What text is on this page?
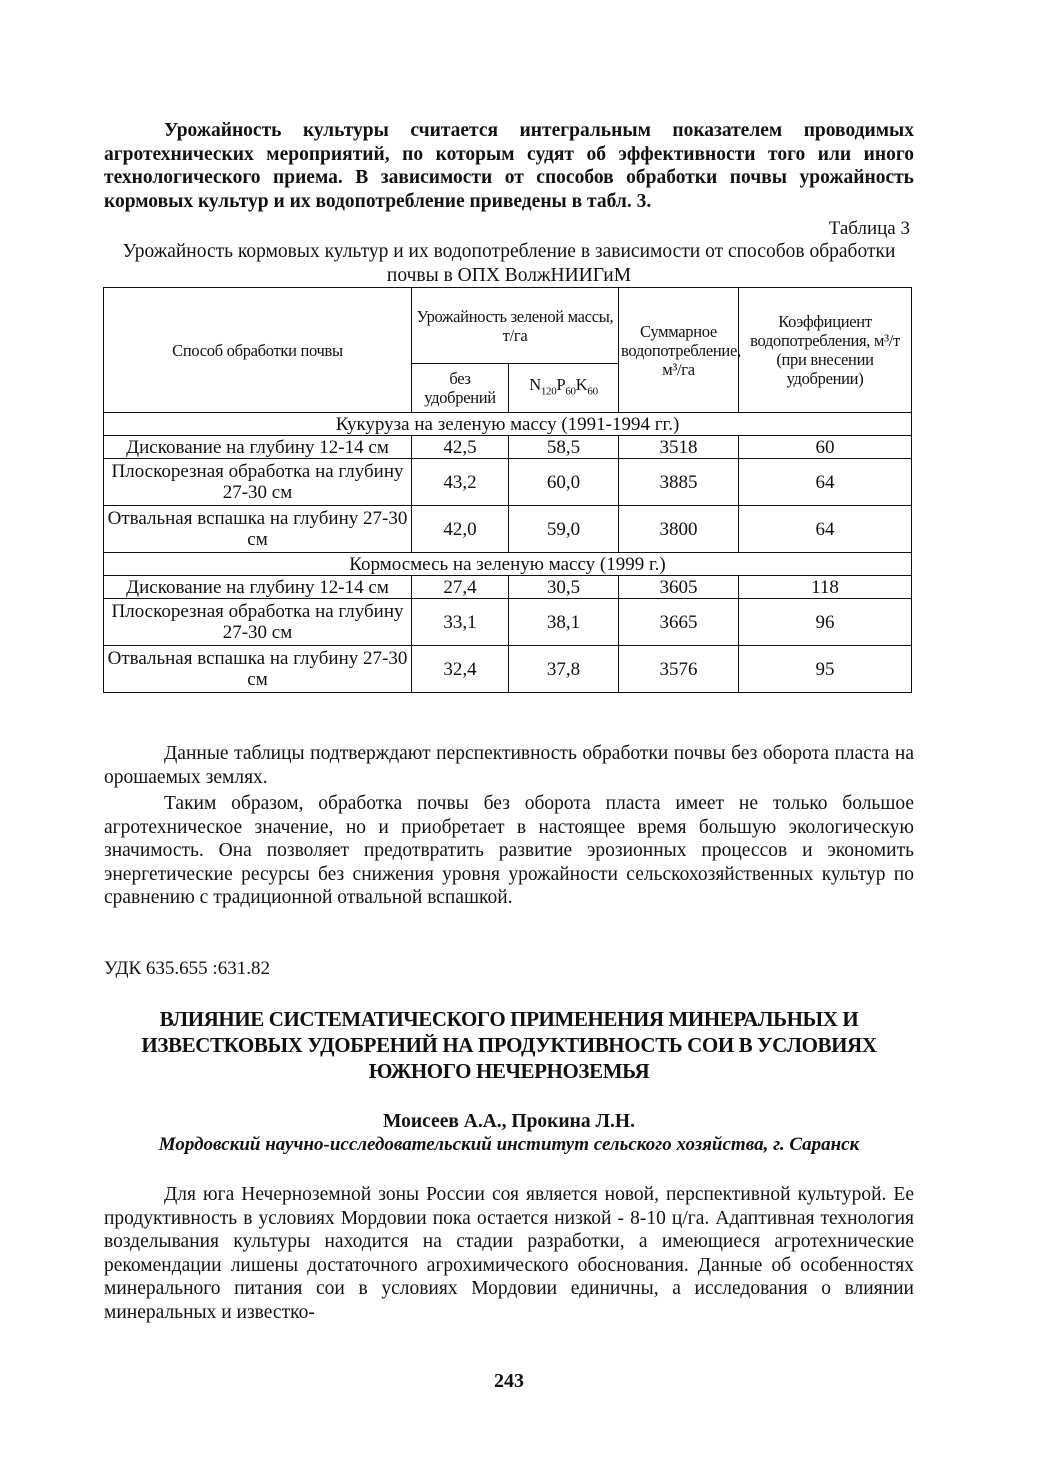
Урожайность культуры считается интегральным показателем проводимых агротехнических мероприятий, по которым судят об эффективности того или иного технологического приема. В зависимости от способов обработки почвы урожайность кормовых культур и их водопотребление приведены в табл. 3.

Таблица 3
Урожайность кормовых культур и их водопотребление в зависимости от способов обработки почвы в ОПХ ВолжНИИГиМ
Способ обработки почвы	Урожайность зеленой массы, т/га		Суммарное водопотребление, м³/га	Коэффициент водопотребления, м³/т (при внесении удобрении)
	без удобрений	$N_{120}P_{60}K_{60}$
Кукуруза на зеленую массу (1991-1994 гг.)				
Дискование на глубину 12-14 см	42,5	58,5	3518	60
Плоскорезная обработка на глубину 27-30 см	43,2	60,0	3885	64
Отвальная вспашка на глубину 27-30 см	42,0	59,0	3800	64
Кормосмесь на зеленую массу (1999 г.)				
Дискование на глубину 12-14 см	27,4	30,5	3605	118
Плоскорезная обработка на глубину 27-30 см	33,1	38,1	3665	96
Отвальная вспашка на глубину 27-30 см	32,4	37,8	3576	95

Данные таблицы подтверждают перспективность обработки почвы без оборота пласта на орошаемых землях.

Таким образом, обработка почвы без оборота пласта имеет не только большое агротехническое значение, но и приобретает в настоящее время большую экологическую значимость. Она позволяет предотвратить развитие эрозионных процессов и экономить энергетические ресурсы без снижения уровня урожайности сельскохозяйственных культур по сравнению с традиционной отвальной вспашкой.

УДК 635.655 :631.82
ВЛИЯНИЕ СИСТЕМАТИЧЕСКОГО ПРИМЕНЕНИЯ МИНЕРАЛЬНЫХ И ИЗВЕСТКОВЫХ УДОБРЕНИЙ НА ПРОДУКТИВНОСТЬ СОИ В УСЛОВИЯХ ЮЖНОГО НЕЧЕРНОЗЕМЬЯ
Моисеев А.А., Прокина Л.Н.
Мордовский научно-исследовательский институт сельского хозяйства, г. Саранск

Для юга Нечерноземной зоны России соя является новой, перспективной культурой. Ее продуктивность в условиях Мордовии пока остается низкой - 8-10 ц/га. Адаптивная технология возделывания культуры находится на стадии разработки, а имеющиеся агротехнические рекомендации лишены достаточного агрохимического обоснования. Данные об особенностях минерального питания сои в условиях Мордовии единичны, а исследования о влиянии минеральных и известко-

243
